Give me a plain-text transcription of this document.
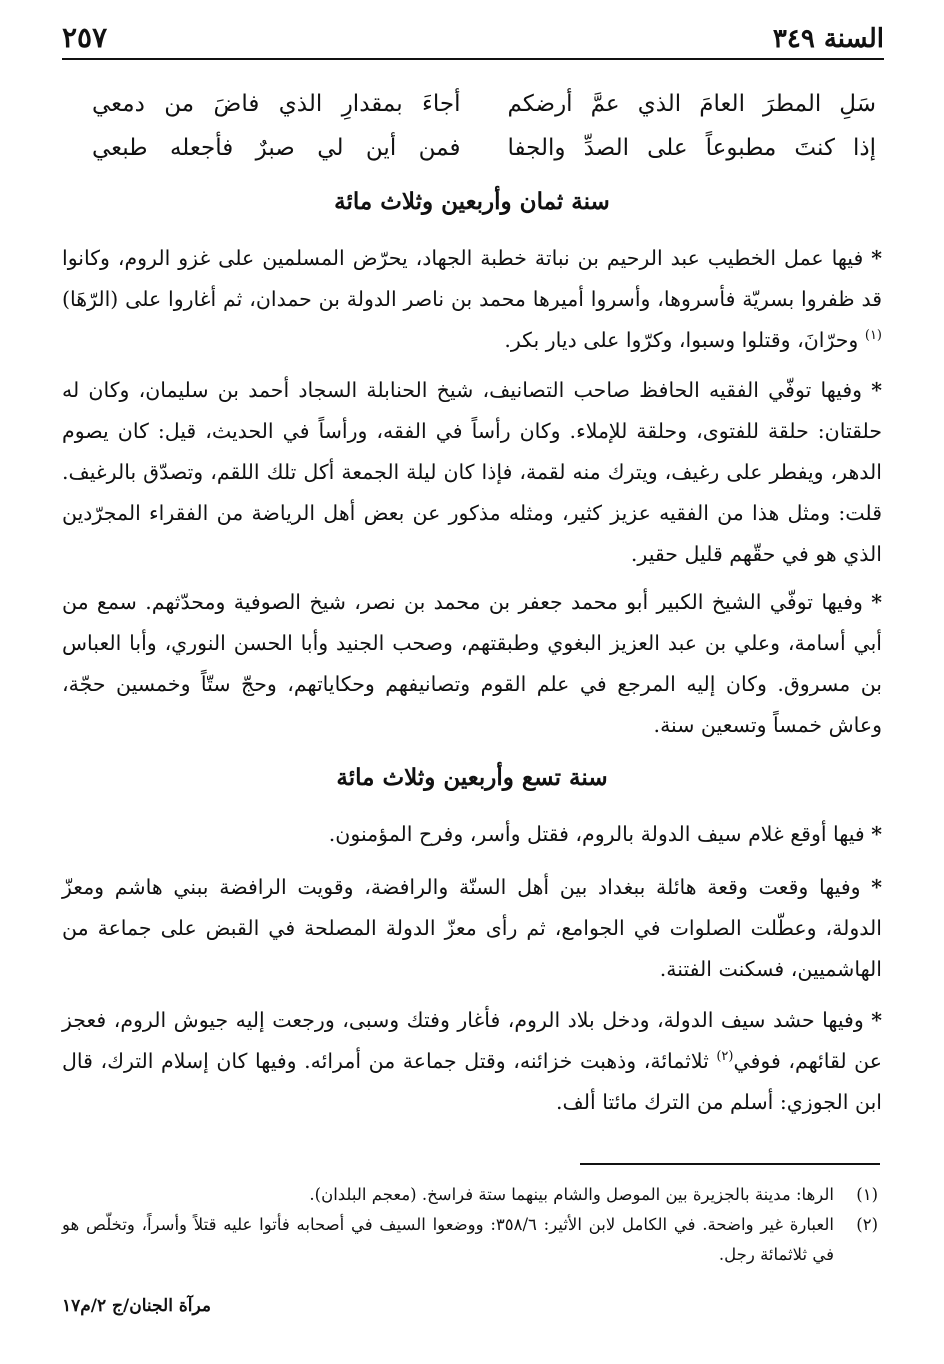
السنة ٣٤٩
٢٥٧
سَلِ المطرَ العامَ الذي عمَّ أرضكم
أجاءَ بمقدارِ الذي فاضَ من دمعي
إذا كنتَ مطبوعاً على الصدِّ والجفا
فمن أين لي صبرٌ فأجعله طبعي
سنة ثمان وأربعين وثلاث مائة

* فيها عمل الخطيب عبد الرحيم بن نباتة خطبة الجهاد، يحرّض المسلمين على غزو الروم، وكانوا قد ظفروا بسريّة فأسروها، وأسروا أميرها محمد بن ناصر الدولة بن حمدان، ثم أغاروا على (الرّهَا)$^{(١)}$ وحرّانَ، وقتلوا وسبوا، وكرّوا على ديار بكر.

* وفيها توفّي الفقيه الحافظ صاحب التصانيف، شيخ الحنابلة السجاد أحمد بن سليمان، وكان له حلقتان: حلقة للفتوى، وحلقة للإملاء. وكان رأساً في الفقه، ورأساً في الحديث، قيل: كان يصوم الدهر، ويفطر على رغيف، ويترك منه لقمة، فإذا كان ليلة الجمعة أكل تلك اللقم، وتصدّق بالرغيف. قلت: ومثل هذا من الفقيه عزيز كثير، ومثله مذكور عن بعض أهل الرياضة من الفقراء المجرّدين الذي هو في حقّهم قليل حقير.

* وفيها توفّي الشيخ الكبير أبو محمد جعفر بن محمد بن نصر، شيخ الصوفية ومحدّثهم. سمع من أبي أسامة، وعلي بن عبد العزيز البغوي وطبقتهم، وصحب الجنيد وأبا الحسن النوري، وأبا العباس بن مسروق. وكان إليه المرجع في علم القوم وتصانيفهم وحكاياتهم، وحجّ ستّاً وخمسين حجّة، وعاش خمساً وتسعين سنة.

سنة تسع وأربعين وثلاث مائة

* فيها أوقع غلام سيف الدولة بالروم، فقتل وأسر، وفرح المؤمنون.

* وفيها وقعت وقعة هائلة ببغداد بين أهل السنّة والرافضة، وقويت الرافضة ببني هاشم ومعزّ الدولة، وعطّلت الصلوات في الجوامع، ثم رأى معزّ الدولة المصلحة في القبض على جماعة من الهاشميين، فسكنت الفتنة.

* وفيها حشد سيف الدولة، ودخل بلاد الروم، فأغار وفتك وسبى، ورجعت إليه جيوش الروم، فعجز عن لقائهم، فوفي$^{(٢)}$ ثلاثمائة، وذهبت خزائنه، وقتل جماعة من أمرائه. وفيها كان إسلام الترك، قال ابن الجوزي: أسلم من الترك مائتا ألف.

(١)
الرها: مدينة بالجزيرة بين الموصل والشام بينهما ستة فراسخ. (معجم البلدان).
(٢)
العبارة غير واضحة. في الكامل لابن الأثير: ٣٥٨/٦: ووضعوا السيف في أصحابه فأتوا عليه قتلاً وأسراً، وتخلّص هو في ثلاثمائة رجل.
مرآة الجنان/ج ٢/م١٧
